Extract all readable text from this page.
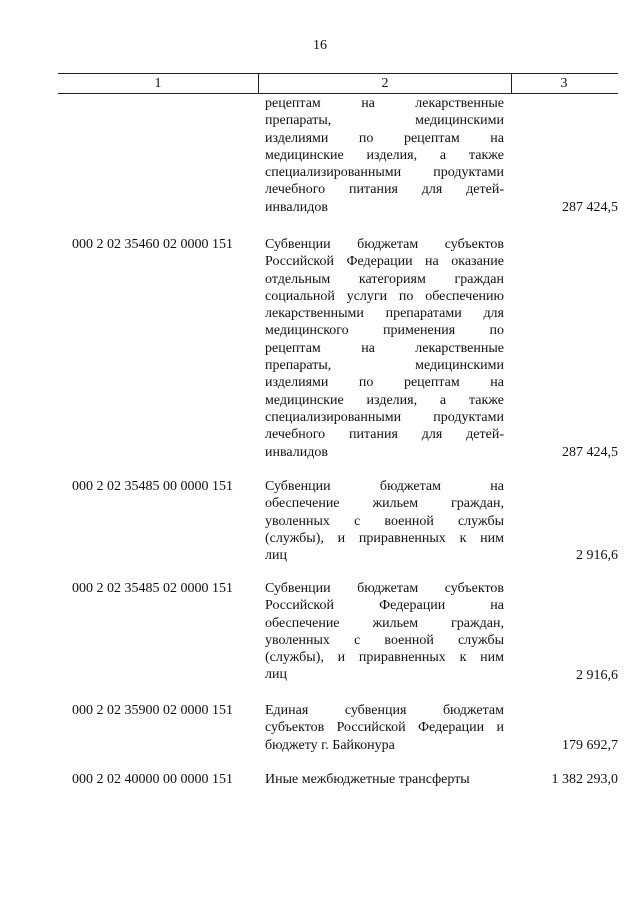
16
1	2	3
рецептам на лекарственные
препараты, медицинскими
изделиями по рецептам на
медицинские изделия, а также
специализированными продуктами
лечебного питания для детей-
инвалидов	287 424,5
000 2 02 35460 02 0000 151 Субвенции бюджетам субъектов
Российской Федерации на оказание
отдельным категориям граждан
социальной услуги по обеспечению
лекарственными препаратами для
медицинского применения по
рецептам на лекарственные
препараты, медицинскими
изделиями по рецептам на
медицинские изделия, а также
специализированными продуктами
лечебного питания для детей-
инвалидов	287 424,5
000 2 02 35485 00 0000 151 Субвенции бюджетам на
обеспечение жильем граждан,
уволенных с военной службы
(службы), и приравненных к ним
лиц	2 916,6
000 2 02 35485 02 0000 151 Субвенции бюджетам субъектов
Российской Федерации на
обеспечение жильем граждан,
уволенных с военной службы
(службы), и приравненных к ним
лиц	2 916,6
000 2 02 35900 02 0000 151 Единая субвенция бюджетам
субъектов Российской Федерации и
бюджету г. Байконура	179 692,7
000 2 02 40000 00 0000 151 Иные межбюджетные трансферты	1 382 293,0
